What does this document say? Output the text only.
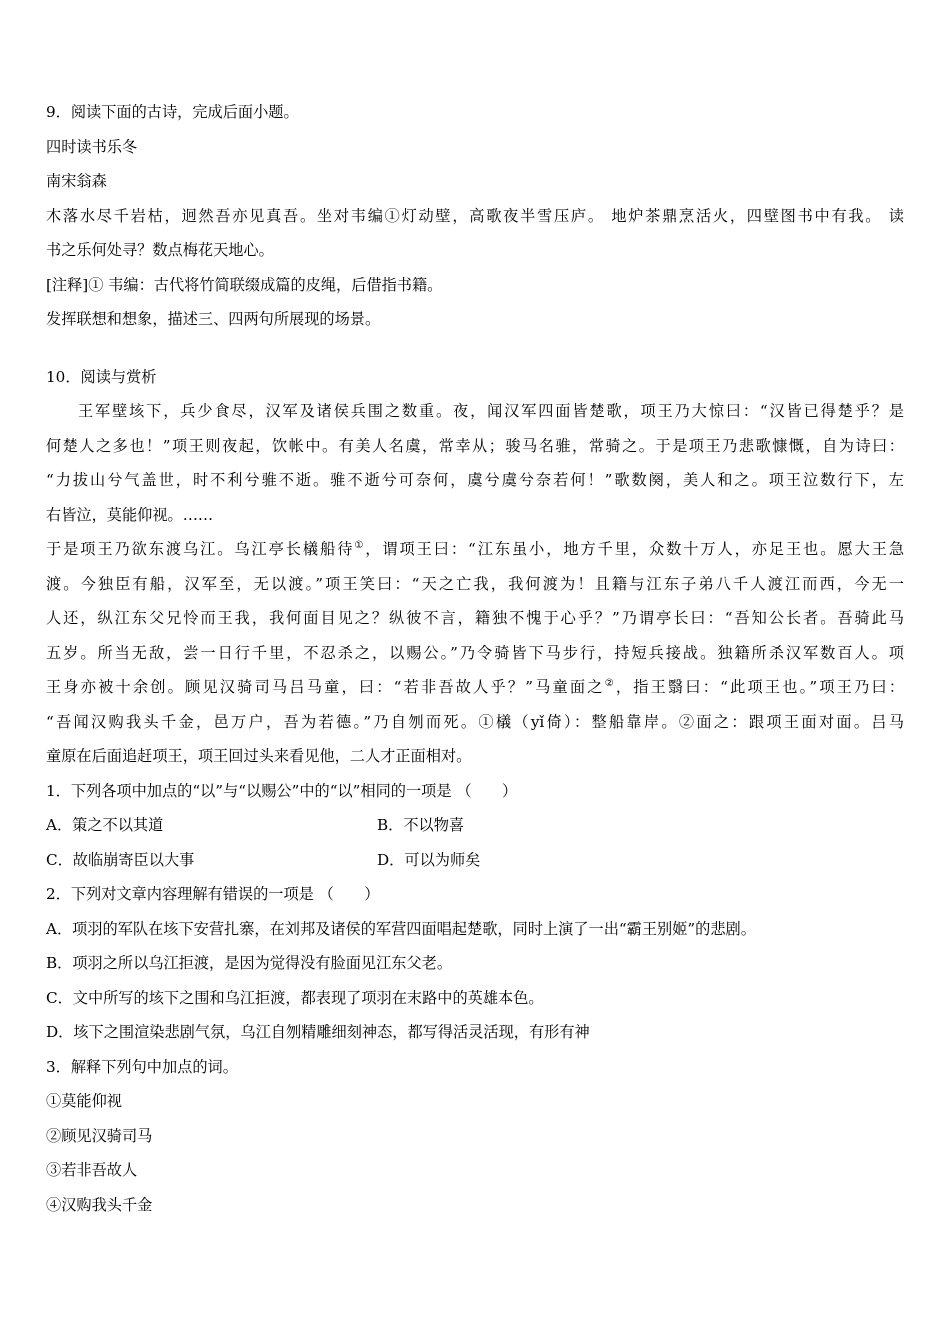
9．阅读下面的古诗，完成后面小题。
四时读书乐冬
南宋翁森
木落水尽千岩枯，迥然吾亦见真吾。坐对韦编①灯动壁，高歌夜半雪压庐。 地炉茶鼎烹活火，四壁图书中有我。 读
书之乐何处寻？数点梅花天地心。
[注释]① 韦编：古代将竹简联缀成篇的皮绳，后借指书籍。
发挥联想和想象，描述三、四两句所展现的场景。
10．阅读与赏析
王军壁垓下，兵少食尽，汉军及诸侯兵围之数重。夜，闻汉军四面皆楚歌，项王乃大惊曰：“汉皆已得楚乎？是
何楚人之多也！”项王则夜起，饮帐中。有美人名虞，常幸从；骏马名骓，常骑之。于是项王乃悲歌慷慨，自为诗曰：
“力拔山兮气盖世，时不利兮骓不逝。骓不逝兮可奈何，虞兮虞兮奈若何！”歌数阕，美人和之。项王泣数行下，左
右皆泣，莫能仰视。……
于是项王乃欲东渡乌江。乌江亭长檥船待①，谓项王曰：“江东虽小，地方千里，众数十万人，亦足王也。愿大王急
渡。今独臣有船，汉军至，无以渡。”项王笑曰：“天之亡我，我何渡为！且籍与江东子弟八千人渡江而西，今无一
人还，纵江东父兄怜而王我，我何面目见之？纵彼不言，籍独不愧于心乎？”乃谓亭长曰：“吾知公长者。吾骑此马
五岁。所当无敌，尝一日行千里，不忍杀之，以赐公。”乃令骑皆下马步行，持短兵接战。独籍所杀汉军数百人。项
王身亦被十余创。顾见汉骑司马吕马童，曰：“若非吾故人乎？”马童面之②，指王翳曰：“此项王也。”项王乃曰：
“吾闻汉购我头千金，邑万户，吾为若德。”乃自刎而死。①檥（yǐ倚）：整船靠岸。②面之：跟项王面对面。吕马
童原在后面追赶项王，项王回过头来看见他，二人才正面相对。
1．下列各项中加点的“以”与“以赐公”中的“以”相同的一项是 （　　）
A．策之不以其道	B．不以物喜
C．故临崩寄臣以大事	D．可以为师矣
2．下列对文章内容理解有错误的一项是 （　　）
A．项羽的军队在垓下安营扎寨，在刘邦及诸侯的军营四面唱起楚歌，同时上演了一出“霸王别姬”的悲剧。
B．项羽之所以乌江拒渡，是因为觉得没有脸面见江东父老。
C．文中所写的垓下之围和乌江拒渡，都表现了项羽在末路中的英雄本色。
D．垓下之围渲染悲剧气氛，乌江自刎精雕细刻神态，都写得活灵活现，有形有神
3．解释下列句中加点的词。
①莫能仰视
②顾见汉骑司马
③若非吾故人
④汉购我头千金
